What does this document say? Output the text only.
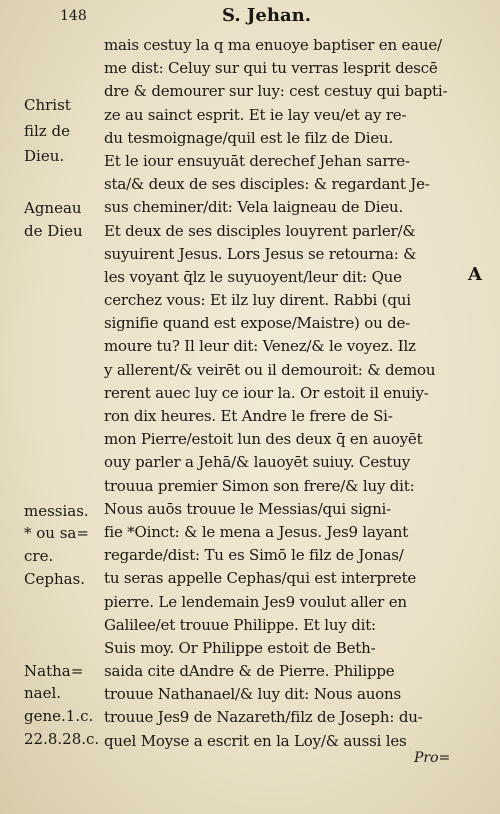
148	S. Jehan.
Christ
filz de
Dieu.
Agneau
de Dieu
messias.
* ou sa=
cre.
Cephas.
Natha=
nael.
gene.1.c.
22.8.28.c.
A
mais cestuy la q ma enuoye baptiser en eaue/
me dist: Celuy sur qui tu verras lesprit descē
dre & demourer sur luy: cest cestuy qui bapti-
ze au sainct esprit. Et ie lay veu/et ay re-
du tesmoignage/quil est le filz de Dieu.
Et le iour ensuyuāt derechef Jehan sarre-
sta/& deux de ses disciples: & regardant Je-
sus cheminer/dit: Vela laigneau de Dieu.
Et deux de ses disciples louyrent parler/&
suyuirent Jesus. Lors Jesus se retourna: &
les voyant q̄lz le suyuoyent/leur dit: Que
cerchez vous: Et ilz luy dirent. Rabbi (qui
signifie quand est expose/Maistre) ou de-
moure tu? Il leur dit: Venez/& le voyez. Ilz
y allerent/& veirēt ou il demouroit: & demou
rerent auec luy ce iour la. Or estoit il enuiy-
ron dix heures. Et Andre le frere de Si-
mon Pierre/estoit lun des deux q̄ en auoyēt
ouy parler a Jehā/& lauoyēt suiuy. Cestuy
trouua premier Simon son frere/& luy dit:
Nous auōs trouue le Messias/qui signi-
fie *Oinct: & le mena a Jesus. Jes9 layant
regarde/dist: Tu es Simō le filz de Jonas/
tu seras appelle Cephas/qui est interprete
pierre. Le lendemain Jes9 voulut aller en
Galilee/et trouue Philippe. Et luy dit:
Suis moy. Or Philippe estoit de Beth-
saida cite dAndre & de Pierre. Philippe
trouue Nathanael/& luy dit: Nous auons
trouue Jes9 de Nazareth/filz de Joseph: du-
quel Moyse a escrit en la Loy/& aussi les
Pro=
